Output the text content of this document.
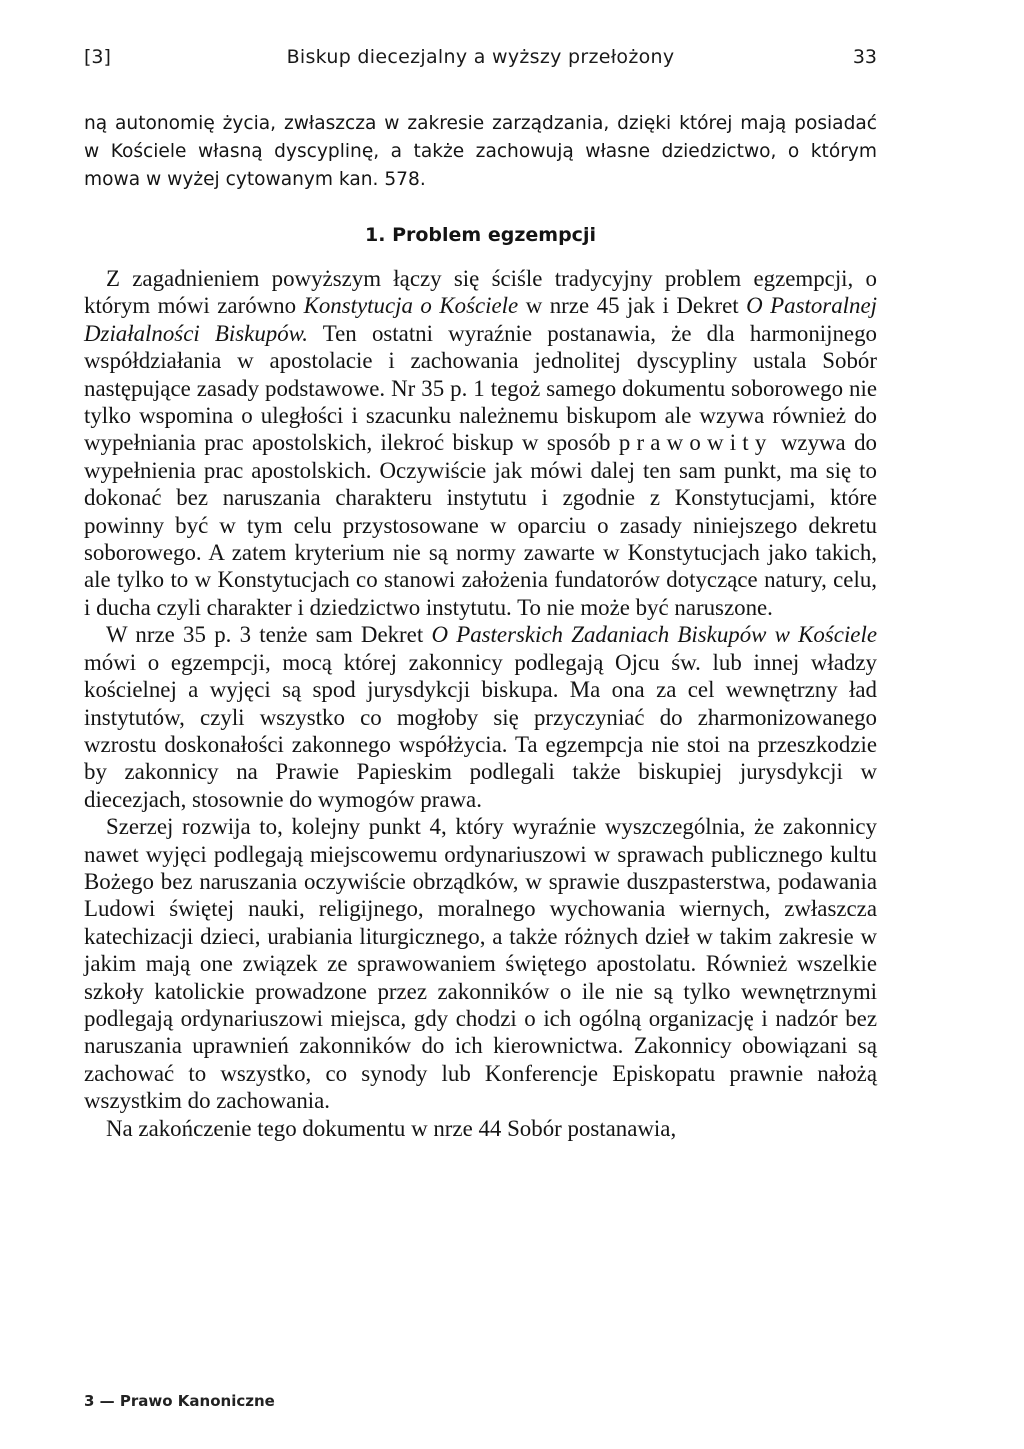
[3]	Biskup diecezjalny a wyższy przełożony	33

ną autonomię życia, zwłaszcza w zakresie zarządzania, dzięki której mają posiadać w Kościele własną dyscyplinę, a także zachowują własne dziedzictwo, o którym mowa w wyżej cytowanym kan. 578.

1. Problem egzempcji

Z zagadnieniem powyższym łączy się ściśle tradycyjny problem egzempcji, o którym mówi zarówno Konstytucja o Kościele w nrze 45 jak i Dekret O Pastoralnej Działalności Biskupów. Ten ostatni wyraźnie postanawia, że dla harmonijnego współdziałania w apostolacie i zachowania jednolitej dyscypliny ustala Sobór następujące zasady podstawowe. Nr 35 p. 1 tegoż samego dokumentu soborowego nie tylko wspomina o uległości i szacunku należnemu biskupom ale wzywa również do wypełniania prac apostolskich, ilekroć biskup w sposób prawowity wzywa do wypełnienia prac apostolskich. Oczywiście jak mówi dalej ten sam punkt, ma się to dokonać bez naruszania charakteru instytutu i zgodnie z Konstytucjami, które powinny być w tym celu przystosowane w oparciu o zasady niniejszego dekretu soborowego. A zatem kryterium nie są normy zawarte w Konstytucjach jako takich, ale tylko to w Konstytucjach co stanowi założenia fundatorów dotyczące natury, celu, i ducha czyli charakter i dziedzictwo instytutu. To nie może być naruszone.

W nrze 35 p. 3 tenże sam Dekret O Pasterskich Zadaniach Biskupów w Kościele mówi o egzempcji, mocą której zakonnicy podlegają Ojcu św. lub innej władzy kościelnej a wyjęci są spod jurysdykcji biskupa. Ma ona za cel wewnętrzny ład instytutów, czyli wszystko co mogłoby się przyczyniać do zharmonizowanego wzrostu doskonałości zakonnego współżycia. Ta egzempcja nie stoi na przeszkodzie by zakonnicy na Prawie Papieskim podlegali także biskupiej jurysdykcji w diecezjach, stosownie do wymogów prawa.

Szerzej rozwija to, kolejny punkt 4, który wyraźnie wyszczególnia, że zakonnicy nawet wyjęci podlegają miejscowemu ordynariuszowi w sprawach publicznego kultu Bożego bez naruszania oczywiście obrządków, w sprawie duszpasterstwa, podawania Ludowi świętej nauki, religijnego, moralnego wychowania wiernych, zwłaszcza katechizacji dzieci, urabiania liturgicznego, a także różnych dzieł w takim zakresie w jakim mają one związek ze sprawowaniem świętego apostolatu. Również wszelkie szkoły katolickie prowadzone przez zakonników o ile nie są tylko wewnętrznymi podlegają ordynariuszowi miejsca, gdy chodzi o ich ogólną organizację i nadzór bez naruszania uprawnień zakonników do ich kierownictwa. Zakonnicy obowiązani są zachować to wszystko, co synody lub Konferencje Episkopatu prawnie nałożą wszystkim do zachowania.

Na zakończenie tego dokumentu w nrze 44 Sobór postanawia,

3 — Prawo Kanoniczne
